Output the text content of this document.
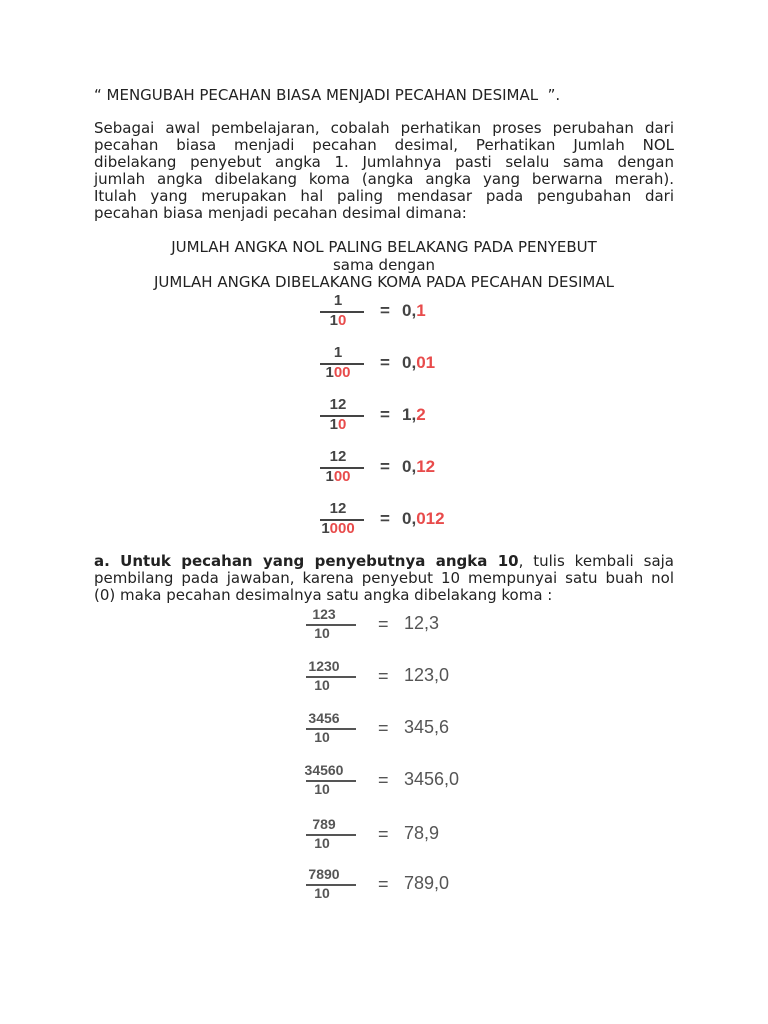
“ MENGUBAH PECAHAN BIASA MENJADI PECAHAN DESIMAL  ”.
Sebagai awal pembelajaran, cobalah perhatikan proses perubahan dari
pecahan biasa menjadi pecahan desimal, Perhatikan Jumlah NOL
dibelakang penyebut angka 1. Jumlahnya pasti selalu sama dengan
jumlah angka dibelakang koma (angka angka yang berwarna merah).
Itulah yang merupakan hal paling mendasar pada pengubahan dari
pecahan biasa menjadi pecahan desimal dimana:
JUMLAH ANGKA NOL PALING BELAKANG PADA PENYEBUT
sama dengan
JUMLAH ANGKA DIBELAKANG KOMA PADA PECAHAN DESIMAL
1
10
= 0,1
1
100
= 0,01
12
10
= 1,2
12
100
= 0,12
12
1000
= 0,012
a. Untuk pecahan yang penyebutnya angka 10, tulis kembali saja
pembilang pada jawaban, karena penyebut 10 mempunyai satu buah nol
(0) maka pecahan desimalnya satu angka dibelakang koma :
123
10	= 12,3
1230
10	= 123,0
3456
10	= 345,6
34560
10	= 3456,0
789
10	= 78,9
7890
10	= 789,0
